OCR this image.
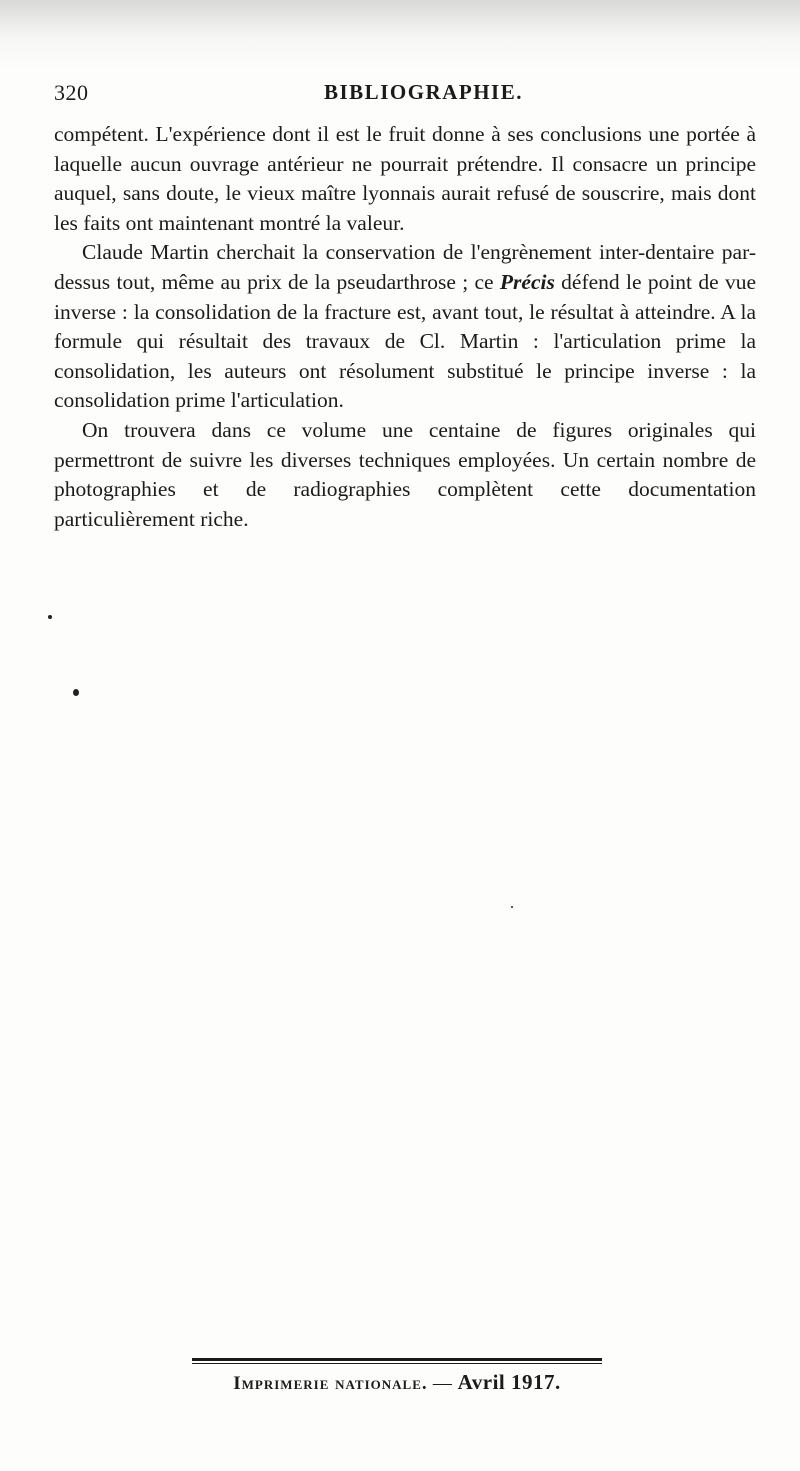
320	BIBLIOGRAPHIE.

compétent. L'expérience dont il est le fruit donne à ses conclusions une portée à laquelle aucun ouvrage antérieur ne pourrait prétendre. Il consacre un principe auquel, sans doute, le vieux maître lyonnais aurait refusé de souscrire, mais dont les faits ont maintenant montré la valeur.

Claude Martin cherchait la conservation de l'engrènement inter-dentaire par-dessus tout, même au prix de la pseudarthrose ; ce Précis défend le point de vue inverse : la consolidation de la fracture est, avant tout, le résultat à atteindre. A la formule qui résultait des travaux de Cl. Martin : l'articulation prime la consolidation, les auteurs ont résolument substitué le principe inverse : la consolidation prime l'articulation.

On trouvera dans ce volume une centaine de figures originales qui permettront de suivre les diverses techniques employées. Un certain nombre de photographies et de radiographies complètent cette documentation particulièrement riche.

Imprimerie nationale. — Avril 1917.
